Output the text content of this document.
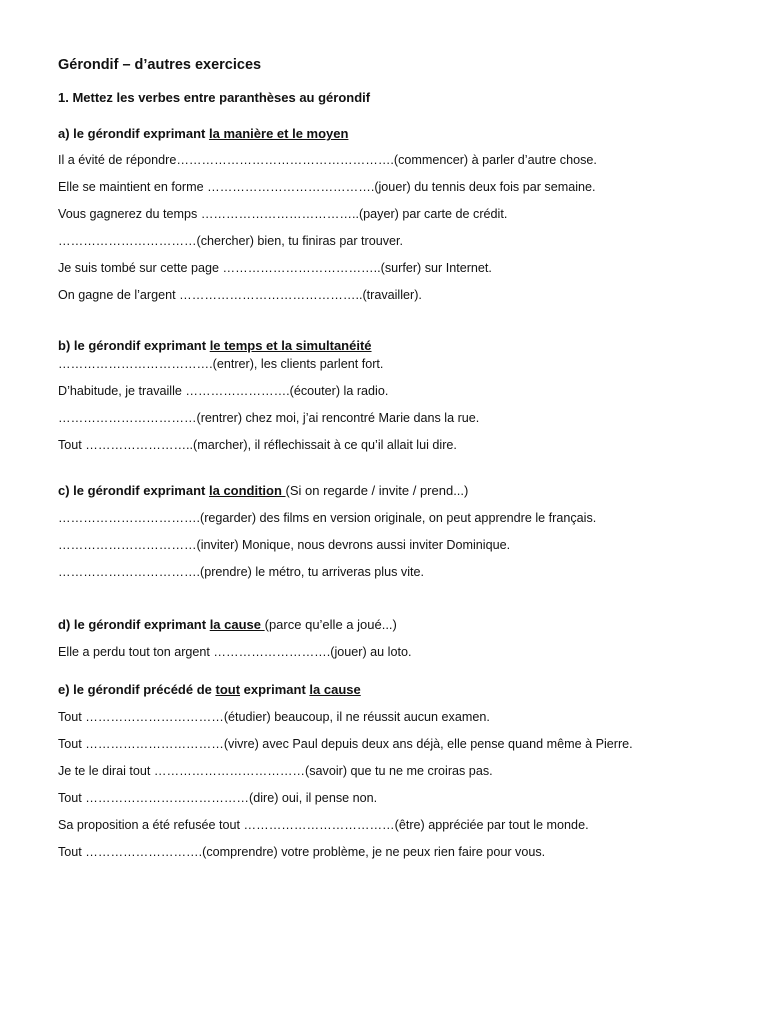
Gérondif – d’autres exercices
1. Mettez les verbes entre paranthèses au gérondif
a) le gérondif exprimant la manière et le moyen
Il a évité de répondre…………………………………………….(commencer) à parler d’autre chose.
Elle se maintient en forme ………………………………….(jouer) du tennis deux fois par semaine.
Vous gagnerez du temps ………………………………..(payer) par carte de crédit.
……………………………(chercher) bien, tu finiras par trouver.
Je suis tombé sur cette page ………………………………..(surfer) sur Internet.
On gagne de l’argent ……………………………………..(travailler).
b) le gérondif exprimant le temps et la simultanéité
……………………………….(entrer), les clients parlent fort.
D’habitude, je travaille …………………….(écouter) la radio.
……………………………(rentrer) chez moi, j’ai rencontré Marie dans la rue.
Tout ……………………..(marcher), il réflechissait à ce qu’il allait lui dire.
c) le gérondif exprimant la condition (Si on regarde / invite / prend...)
…………………………….(regarder) des films en version originale, on peut apprendre le français.
……………………………(inviter) Monique, nous devrons aussi inviter Dominique.
…………………………….(prendre) le métro, tu arriveras plus vite.
d) le gérondif exprimant la cause (parce qu’elle a joué...)
Elle a perdu tout ton argent ……………………….(jouer) au loto.
e) le gérondif précédé de tout exprimant la cause
Tout ……………………………(étudier) beaucoup, il ne réussit aucun examen.
Tout ……………………………(vivre) avec Paul depuis deux ans déjà, elle pense quand même à Pierre.
Je te le dirai tout ………………………………(savoir) que tu ne me croiras pas.
Tout …………………………………(dire) oui, il pense non.
Sa proposition a été refusée tout ………………………………(être) appréciée par tout le monde.
Tout ……………………….(comprendre) votre problème, je ne peux rien faire pour vous.
